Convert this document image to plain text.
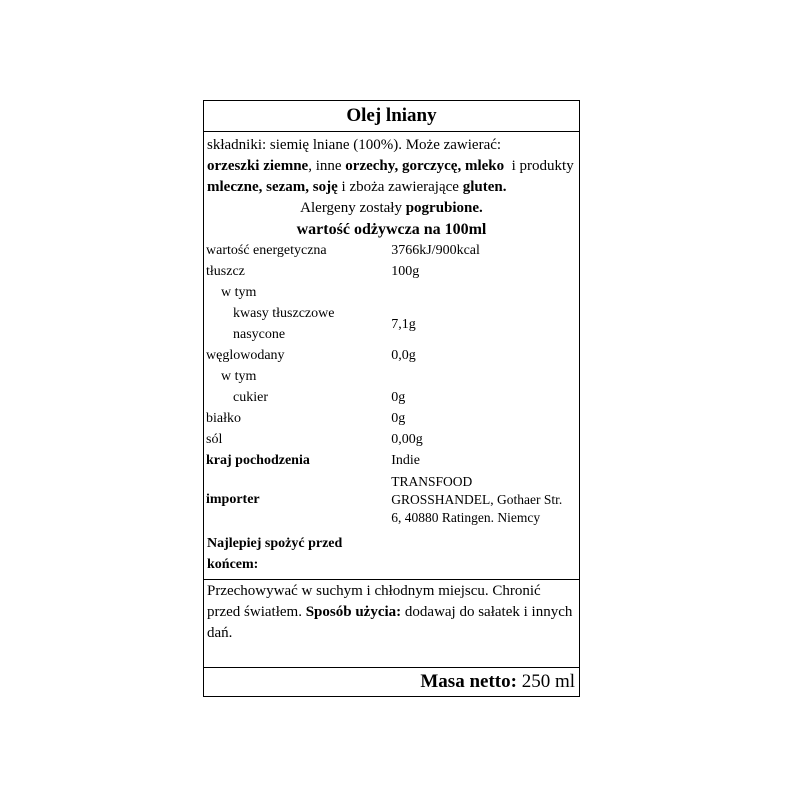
Olej lniany
składniki: siemię lniane (100%). Może zawierać:
orzeszki ziemne, inne orzechy, gorczycę, mleko i produkty mleczne, sezam, soję i zboża zawierające gluten.
Alergeny zostały pogrubione.
wartość odżywcza na 100ml
wartość energetyczna	3766kJ/900kcal
tłuszcz	100g
w tym	
kwasy tłuszczowe
nasycone	7,1g
węglowodany	0,0g
w tym	
cukier	0g
białko	0g
sól	0,00g
kraj pochodzenia	Indie
importer	TRANSFOOD
GROSSHANDEL, Gothaer Str.
6, 40880 Ratingen. Niemcy
Najlepiej spożyć przed końcem:
Przechowywać w suchym i chłodnym miejscu. Chronić przed światłem. Sposób użycia: dodawaj do sałatek i innych dań.
Masa netto: 250 ml
